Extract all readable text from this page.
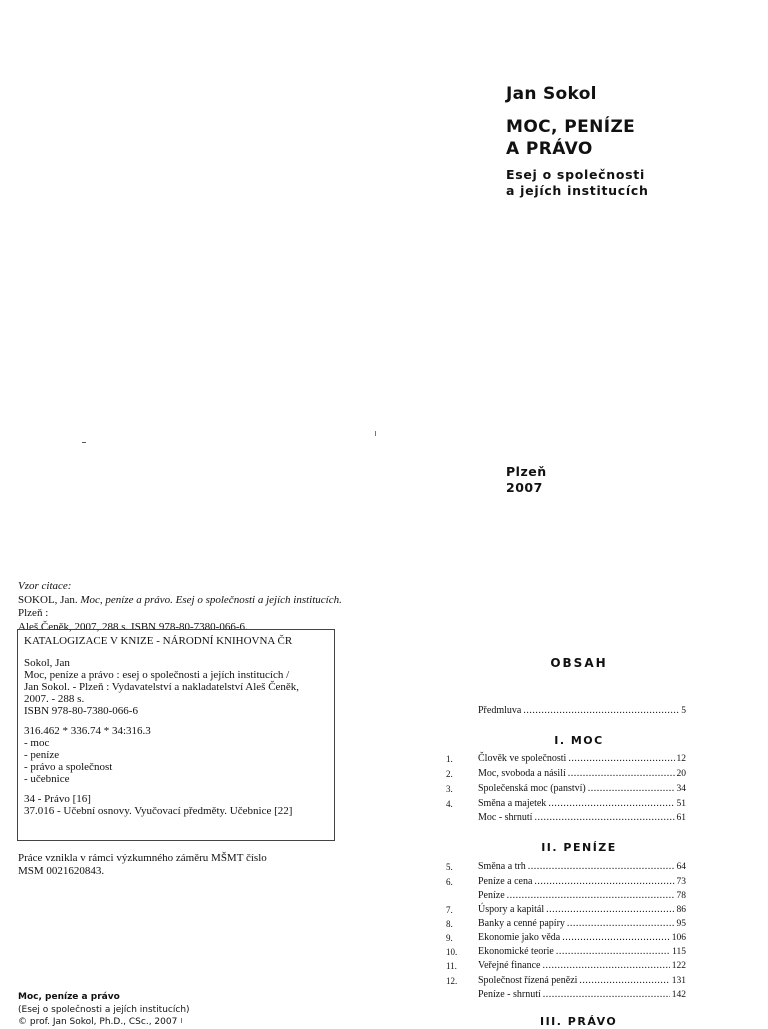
Jan Sokol
MOC, PENÍZE
A PRÁVO
Esej o společnosti
a jejích institucích
Plzeň
2007
Vzor citace:
SOKOL, Jan. Moc, peníze a právo. Esej o společnosti a jejích institucích. Plzeň :
Aleš Čeněk, 2007, 288 s. ISBN 978-80-7380-066-6.

KATALOGIZACE V KNIZE - NÁRODNÍ KNIHOVNA ČR

Sokol, Jan

Moc, peníze a právo : esej o společnosti a jejích institucích /

Jan Sokol. - Plzeň : Vydavatelství a nakladatelství Aleš Čeněk,

2007. - 288 s.

ISBN 978-80-7380-066-6

316.462 * 336.74 * 34:316.3

- moc

- peníze

- právo a společnost

- učebnice

34 - Právo [16]

37.016 - Učební osnovy. Vyučovací předměty. Učebnice [22]

Práce vznikla v rámci výzkumného záměru MŠMT číslo
MSM 0021620843.
Moc, peníze a právo
(Esej o společnosti a jejích institucích)
© prof. Jan Sokol, Ph.D., CSc., 2007
OBSAH
Předmluva . . .	5
I. MOC
1.	Člověk ve společnosti . . .	12
2.	Moc, svoboda a násilí . . .	20
3.	Společenská moc (panství) . . .	34
4.	Směna a majetek . . .	51
Moc - shrnutí . . .	61
II. PENÍZE
5.	Směna a trh . . .	64
6.	Peníze a cena . . .	73
Peníze . . .	78
7.	Úspory a kapitál . . .	86
8.	Banky a cenné papíry . . .	95
9.	Ekonomie jako věda . . .	106
10.	Ekonomické teorie . . .	115
11.	Veřejné finance . . .	122
12.	Společnost řízená penězi . . .	131
Peníze - shrnutí . . .	142
III. PRÁVO
